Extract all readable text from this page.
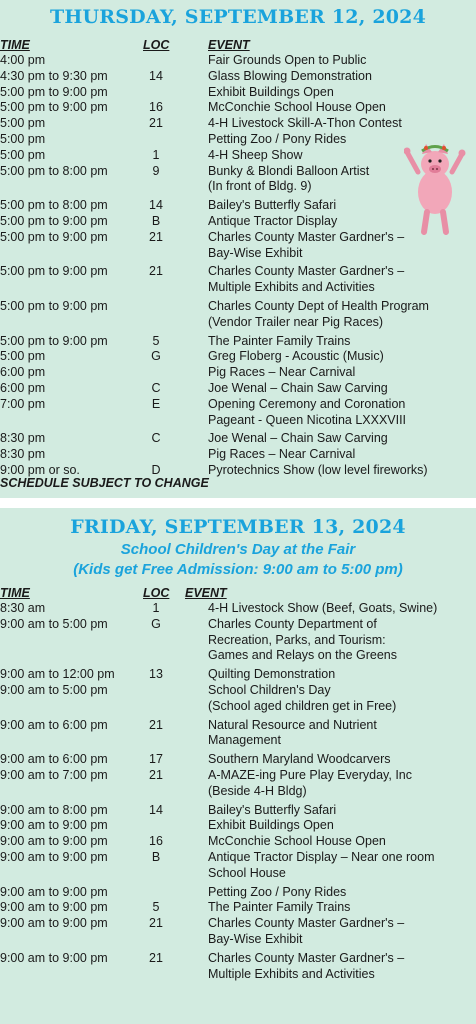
THURSDAY, SEPTEMBER 12, 2024
TIME	LOC	EVENT
4:00 pm	Fair Grounds Open to Public
4:30 pm to 9:30 pm	14	Glass Blowing Demonstration
5:00 pm to 9:00 pm	Exhibit Buildings Open
5:00 pm to 9:00 pm	16	McConchie School House Open
5:00 pm	21	4-H Livestock Skill-A-Thon Contest
5:00 pm	Petting Zoo / Pony Rides
5:00 pm	1	4-H Sheep Show
5:00 pm to 8:00 pm	9	Bunky & Blondi Balloon Artist
(In front of Bldg. 9)
5:00 pm to 8:00 pm	14	Bailey's Butterfly Safari
5:00 pm to 9:00 pm	B	Antique Tractor Display
5:00 pm to 9:00 pm	21	Charles County Master Gardner's –
Bay-Wise Exhibit
5:00 pm to 9:00 pm	21	Charles County Master Gardner's –
Multiple Exhibits and Activities
5:00 pm to 9:00 pm	Charles County Dept of Health Program
(Vendor Trailer near Pig Races)
5:00 pm to 9:00 pm	5	The Painter Family Trains
5:00 pm	G	Greg Floberg - Acoustic (Music)
6:00 pm	Pig Races – Near Carnival
6:00 pm	C	Joe Wenal – Chain Saw Carving
7:00 pm	E	Opening Ceremony and Coronation
Pageant - Queen Nicotina LXXXVIII
8:30 pm	C	Joe Wenal – Chain Saw Carving
8:30 pm	Pig Races – Near Carnival
9:00 pm or so.	D	Pyrotechnics Show (low level fireworks)
SCHEDULE SUBJECT TO CHANGE
FRIDAY, SEPTEMBER 13, 2024
School Children's Day at the Fair
(Kids get Free Admission: 9:00 am to 5:00 pm)
TIME	LOC EVENT
8:30 am	1	4-H Livestock Show (Beef, Goats, Swine)
9:00 am to 5:00 pm	G	Charles County Department of
Recreation, Parks, and Tourism:
Games and Relays on the Greens
9:00 am to 12:00 pm	13	Quilting Demonstration
9:00 am to 5:00 pm	School Children's Day
(School aged children get in Free)
9:00 am to 6:00 pm	21	Natural Resource and Nutrient
Management
9:00 am to 6:00 pm	17	Southern Maryland Woodcarvers
9:00 am to 7:00 pm	21	A-MAZE-ing Pure Play Everyday, Inc
(Beside 4-H Bldg)
9:00 am to 8:00 pm	14	Bailey's Butterfly Safari
9:00 am to 9:00 pm	Exhibit Buildings Open
9:00 am to 9:00 pm	16	McConchie School House Open
9:00 am to 9:00 pm	B	Antique Tractor Display – Near one room
School House
9:00 am to 9:00 pm	Petting Zoo / Pony Rides
9:00 am to 9:00 pm	5	The Painter Family Trains
9:00 am to 9:00 pm	21	Charles County Master Gardner's –
Bay-Wise Exhibit
9:00 am to 9:00 pm	21	Charles County Master Gardner's –
Multiple Exhibits and Activities
